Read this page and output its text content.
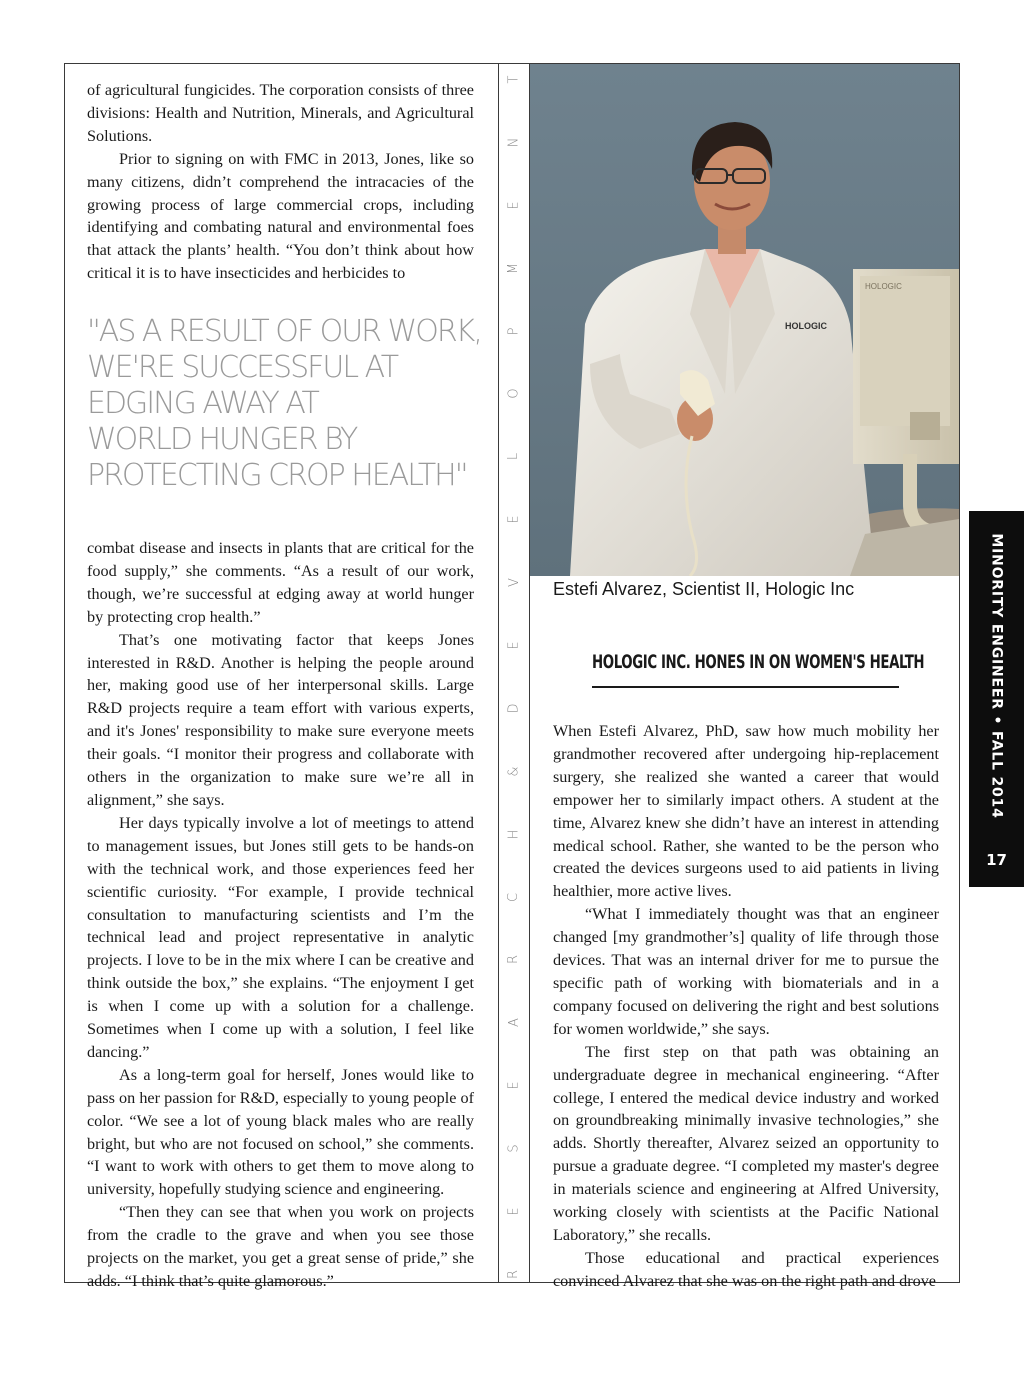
of agricultural fungicides. The corporation consists of three divisions: Health and Nutrition, Minerals, and Agricultural Solutions.

Prior to signing on with FMC in 2013, Jones, like so many citizens, didn’t comprehend the intracacies of the growing process of large commercial crops, including identifying and combating natural and environmental foes that attack the plants’ health. “You don’t think about how critical it is to have insecticides and herbicides to

"AS A RESULT OF OUR WORK,
WE'RE SUCCESSFUL AT
EDGING AWAY AT
WORLD HUNGER BY
PROTECTING CROP HEALTH"

combat disease and insects in plants that are critical for the food supply,” she comments. “As a result of our work, though, we’re successful at edging away at world hunger by protecting crop health.”

That’s one motivating factor that keeps Jones interested in R&D. Another is helping the people around her, making good use of her interpersonal skills. Large R&D projects require a team effort with various experts, and it's Jones' responsibility to make sure everyone meets their goals. “I monitor their progress and collaborate with others in the organization to make sure we’re all in alignment,” she says.

Her days typically involve a lot of meetings to attend to management issues, but Jones still gets to be hands-on with the technical work, and those experiences feed her scientific curiosity. “For example, I provide technical consultation to manufacturing scientists and I’m the technical lead and project representative in analytic projects. I love to be in the mix where I can be creative and think outside the box,” she explains. “The enjoyment I get is when I come up with a solution for a challenge. Sometimes when I come up with a solution, I feel like dancing.”

As a long-term goal for herself, Jones would like to pass on her passion for R&D, especially to young people of color. “We see a lot of young black males who are really bright, but who are not focused on school,” she comments. “I want to work with others to get them to move along to university, hopefully studying science and engineering.

“Then they can see that when you work on projects from the cradle to the grave and when you see those projects on the market, you get a great sense of pride,” she adds. “I think that’s quite glamorous.”

T
N
E
M
P
O
L
E
V
E
D
&
H
C
R
A
E
S
E
R
HOLOGIC
HOLOGIC
Estefi Alvarez, Scientist II, Hologic Inc
HOLOGIC INC. HONES IN ON WOMEN'S HEALTH

When Estefi Alvarez, PhD, saw how much mobility her grandmother recovered after undergoing hip-replacement surgery, she realized she wanted a career that would empower her to similarly impact others. A student at the time, Alvarez knew she didn’t have an interest in attending medical school. Rather, she wanted to be the person who created the devices surgeons used to aid patients in living healthier, more active lives.

“What I immediately thought was that an engineer changed [my grandmother’s] quality of life through those devices. That was an internal driver for me to pursue the specific path of working with biomaterials and in a company focused on delivering the right and best solutions for women worldwide,” she says.

The first step on that path was obtaining an undergraduate degree in mechanical engineering. “After college, I entered the medical device industry and worked on groundbreaking minimally invasive technologies,” she adds. Shortly thereafter, Alvarez seized an opportunity to pursue a graduate degree. “I completed my master's degree in materials science and engineering at Alfred University, working closely with scientists at the Pacific National Laboratory,” she recalls.

Those educational and practical experiences convinced Alvarez that she was on the right path and drove

MINORITY ENGINEER • FALL 2014
17
